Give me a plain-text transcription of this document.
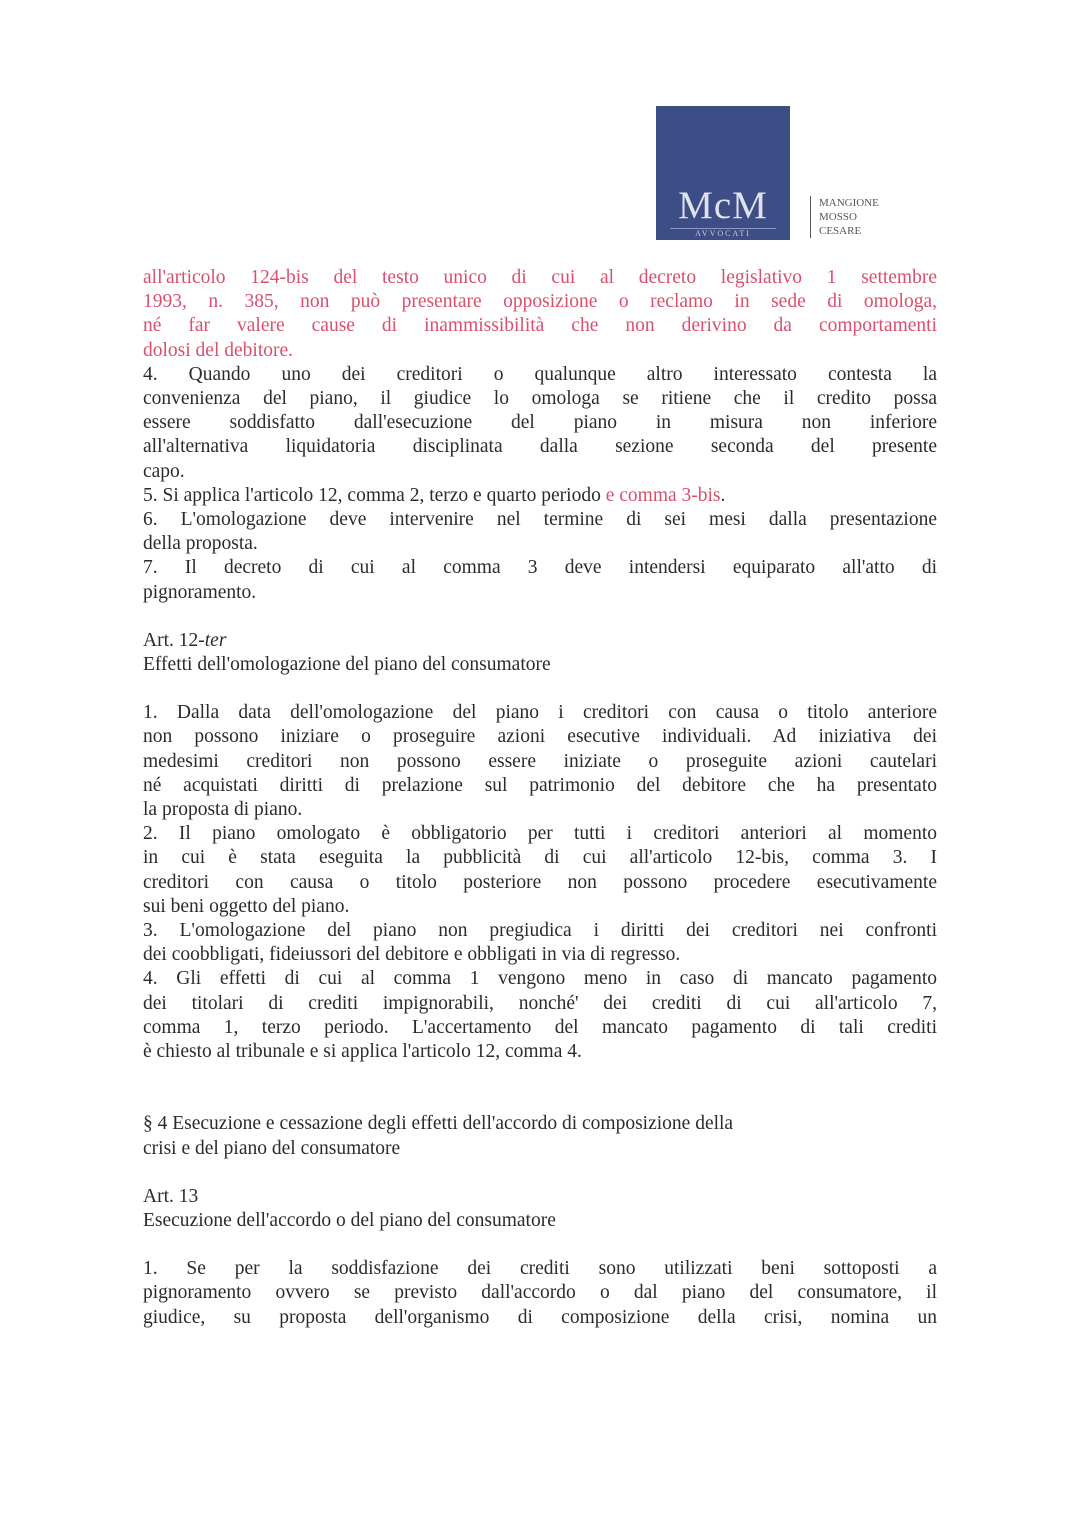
McM
AVVOCATI
MANGIONE
MOSSO
CESARE

all'articolo 124-bis del testo unico di cui al decreto legislativo 1 settembre

1993, n. 385, non può presentare opposizione o reclamo in sede di omologa,

né far valere cause di inammissibilità che non derivino da comportamenti

dolosi del debitore.

4. Quando uno dei creditori o qualunque altro interessato contesta la

convenienza del piano, il giudice lo omologa se ritiene che il credito possa

essere soddisfatto dall'esecuzione del piano in misura non inferiore

all'alternativa liquidatoria disciplinata dalla sezione seconda del presente

capo.

5. Si applica l'articolo 12, comma 2, terzo e quarto periodo e comma 3-bis.

6. L'omologazione deve intervenire nel termine di sei mesi dalla presentazione

della proposta.

7. Il decreto di cui al comma 3 deve intendersi equiparato all'atto di

pignoramento.

Art. 12-ter

Effetti dell'omologazione del piano del consumatore

1. Dalla data dell'omologazione del piano i creditori con causa o titolo anteriore

non possono iniziare o proseguire azioni esecutive individuali. Ad iniziativa dei

medesimi creditori non possono essere iniziate o proseguite azioni cautelari

né acquistati diritti di prelazione sul patrimonio del debitore che ha presentato

la proposta di piano.

2. Il piano omologato è obbligatorio per tutti i creditori anteriori al momento

in cui è stata eseguita la pubblicità di cui all'articolo 12-bis, comma 3. I

creditori con causa o titolo posteriore non possono procedere esecutivamente

sui beni oggetto del piano.

3. L'omologazione del piano non pregiudica i diritti dei creditori nei confronti

dei coobbligati, fideiussori del debitore e obbligati in via di regresso.

4. Gli effetti di cui al comma 1 vengono meno in caso di mancato pagamento

dei titolari di crediti impignorabili, nonché' dei crediti di cui all'articolo 7,

comma 1, terzo periodo. L'accertamento del mancato pagamento di tali crediti

è chiesto al tribunale e si applica l'articolo 12, comma 4.

§ 4 Esecuzione e cessazione degli effetti dell'accordo di composizione della

crisi e del piano del consumatore

Art. 13

Esecuzione dell'accordo o del piano del consumatore

1. Se per la soddisfazione dei crediti sono utilizzati beni sottoposti a

pignoramento ovvero se previsto dall'accordo o dal piano del consumatore, il

giudice, su proposta dell'organismo di composizione della crisi, nomina un
